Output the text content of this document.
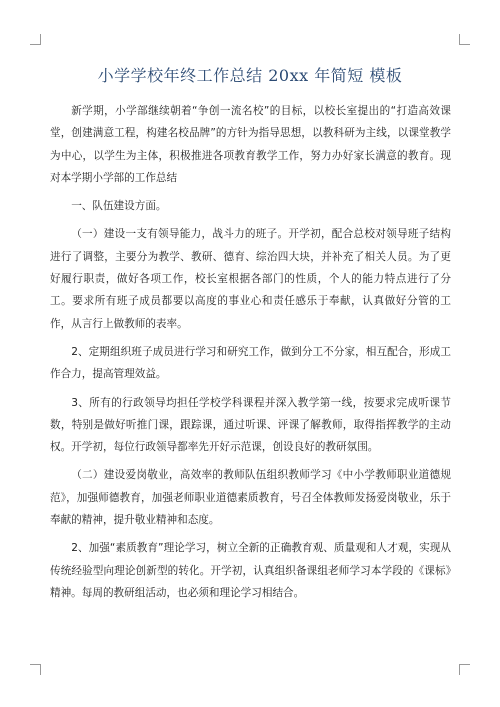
小学学校年终工作总结 20xx 年简短 模板

新学期，小学部继续朝着“争创一流名校”的目标，以校长室提出的“打造高效课堂，创建满意工程，构建名校品牌”的方针为指导思想，以教科研为主线，以课堂教学为中心，以学生为主体，积极推进各项教育教学工作，努力办好家长满意的教育。现对本学期小学部的工作总结

一、队伍建设方面。

（一）建设一支有领导能力，战斗力的班子。开学初，配合总校对领导班子结构进行了调整，主要分为教学、教研、德育、综治四大块，并补充了相关人员。为了更好履行职责，做好各项工作，校长室根据各部门的性质，个人的能力特点进行了分工。要求所有班子成员都要以高度的事业心和责任感乐于奉献，认真做好分管的工作，从言行上做教师的表率。

2、定期组织班子成员进行学习和研究工作，做到分工不分家，相互配合，形成工作合力，提高管理效益。

3、所有的行政领导均担任学校学科课程并深入教学第一线，按要求完成听课节数，特别是做好听推门课，跟踪课，通过听课、评课了解教师，取得指挥教学的主动权。开学初，每位行政领导都率先开好示范课，创设良好的教研氛围。

（二）建设爱岗敬业，高效率的教师队伍组织教师学习《中小学教师职业道德规范》，加强师德教育，加强老师职业道德素质教育，号召全体教师发扬爱岗敬业，乐于奉献的精神，提升敬业精神和态度。

2、加强“素质教育”理论学习，树立全新的正确教育观、质量观和人才观，实现从传统经验型向理论创新型的转化。开学初，认真组织备课组老师学习本学段的《课标》精神。每周的教研组活动，也必须和理论学习相结合。
